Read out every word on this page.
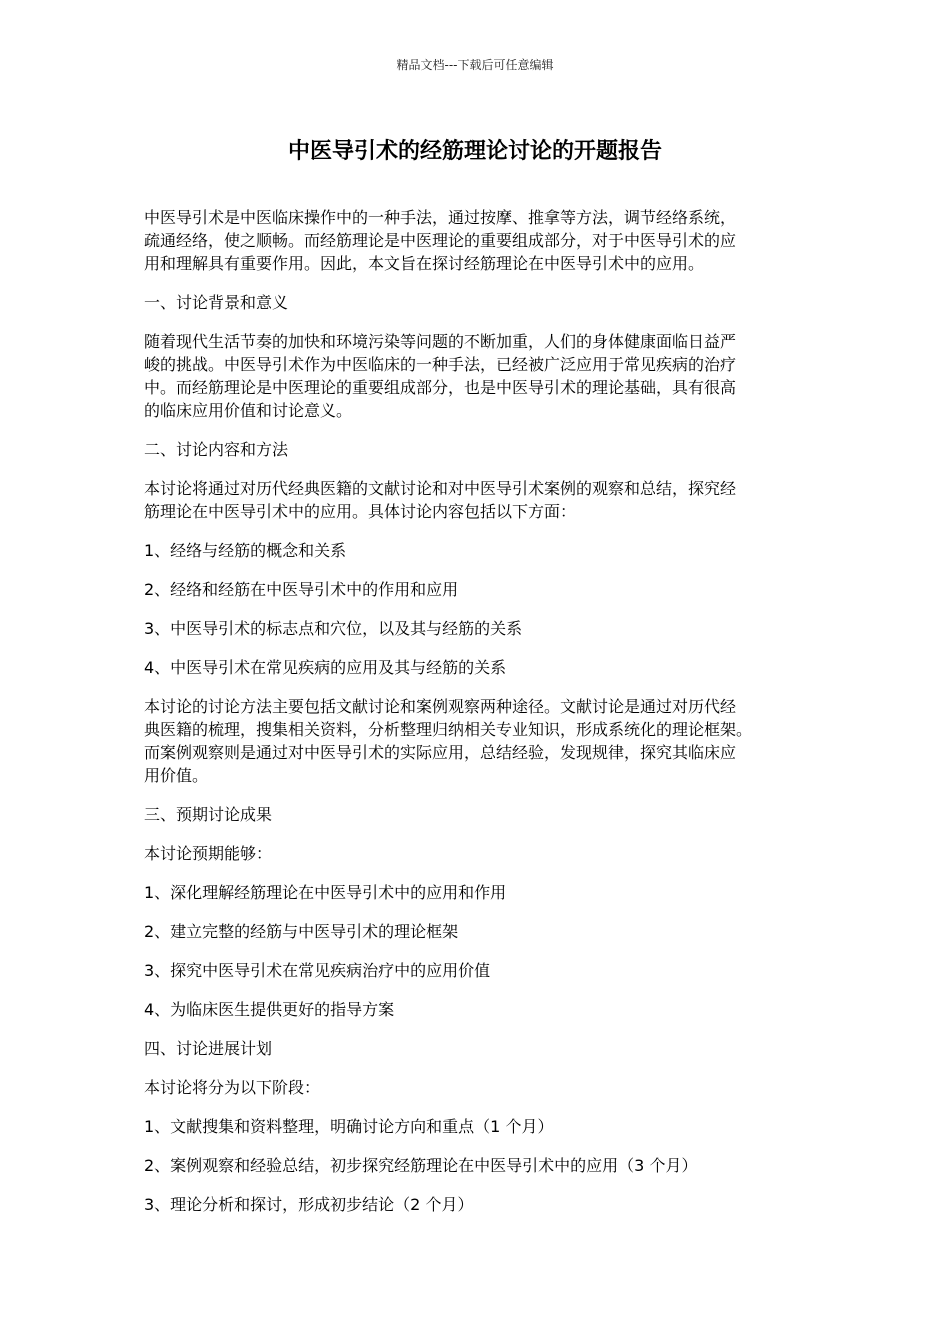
精品文档---下载后可任意编辑
中医导引术的经筋理论讨论的开题报告

中医导引术是中医临床操作中的一种手法，通过按摩、推拿等方法，调节经络系统，
疏通经络，使之顺畅。而经筋理论是中医理论的重要组成部分，对于中医导引术的应
用和理解具有重要作用。因此，本文旨在探讨经筋理论在中医导引术中的应用。

一、讨论背景和意义

随着现代生活节奏的加快和环境污染等问题的不断加重，人们的身体健康面临日益严
峻的挑战。中医导引术作为中医临床的一种手法，已经被广泛应用于常见疾病的治疗
中。而经筋理论是中医理论的重要组成部分，也是中医导引术的理论基础，具有很高
的临床应用价值和讨论意义。

二、讨论内容和方法

本讨论将通过对历代经典医籍的文献讨论和对中医导引术案例的观察和总结，探究经
筋理论在中医导引术中的应用。具体讨论内容包括以下方面：

1、经络与经筋的概念和关系

2、经络和经筋在中医导引术中的作用和应用

3、中医导引术的标志点和穴位，以及其与经筋的关系

4、中医导引术在常见疾病的应用及其与经筋的关系

本讨论的讨论方法主要包括文献讨论和案例观察两种途径。文献讨论是通过对历代经
典医籍的梳理，搜集相关资料，分析整理归纳相关专业知识，形成系统化的理论框架。
而案例观察则是通过对中医导引术的实际应用，总结经验，发现规律，探究其临床应
用价值。

三、预期讨论成果

本讨论预期能够：

1、深化理解经筋理论在中医导引术中的应用和作用

2、建立完整的经筋与中医导引术的理论框架

3、探究中医导引术在常见疾病治疗中的应用价值

4、为临床医生提供更好的指导方案

四、讨论进展计划

本讨论将分为以下阶段：

1、文献搜集和资料整理，明确讨论方向和重点（1 个月）

2、案例观察和经验总结，初步探究经筋理论在中医导引术中的应用（3 个月）

3、理论分析和探讨，形成初步结论（2 个月）
